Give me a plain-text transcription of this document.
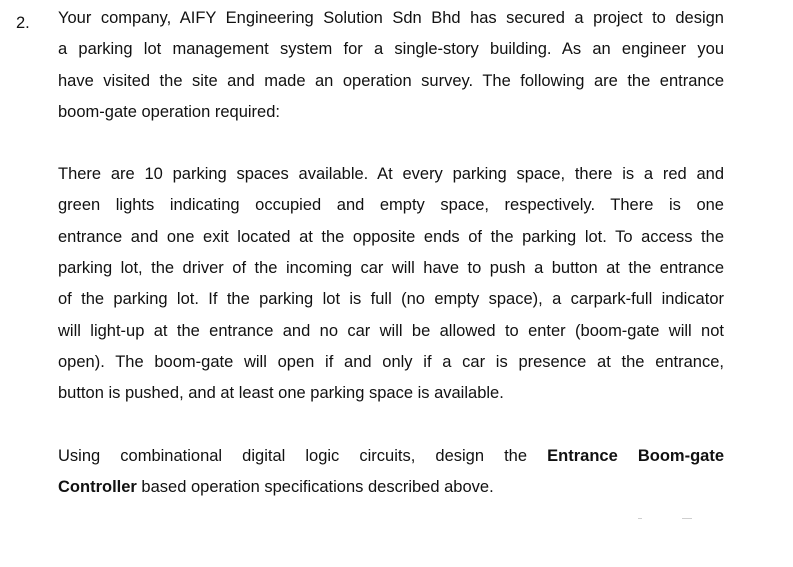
2. Your company, AIFY Engineering Solution Sdn Bhd has secured a project to design
a parking lot management system for a single-story building. As an engineer you
have visited the site and made an operation survey. The following are the entrance
boom-gate operation required:
There are 10 parking spaces available. At every parking space, there is a red and
green lights indicating occupied and empty space, respectively. There is one
entrance and one exit located at the opposite ends of the parking lot. To access the
parking lot, the driver of the incoming car will have to push a button at the entrance
of the parking lot. If the parking lot is full (no empty space), a carpark-full indicator
will light-up at the entrance and no car will be allowed to enter (boom-gate will not
open). The boom-gate will open if and only if a car is presence at the entrance,
button is pushed, and at least one parking space is available.
Using combinational digital logic circuits, design the Entrance Boom-gate
Controller based operation specifications described above.
